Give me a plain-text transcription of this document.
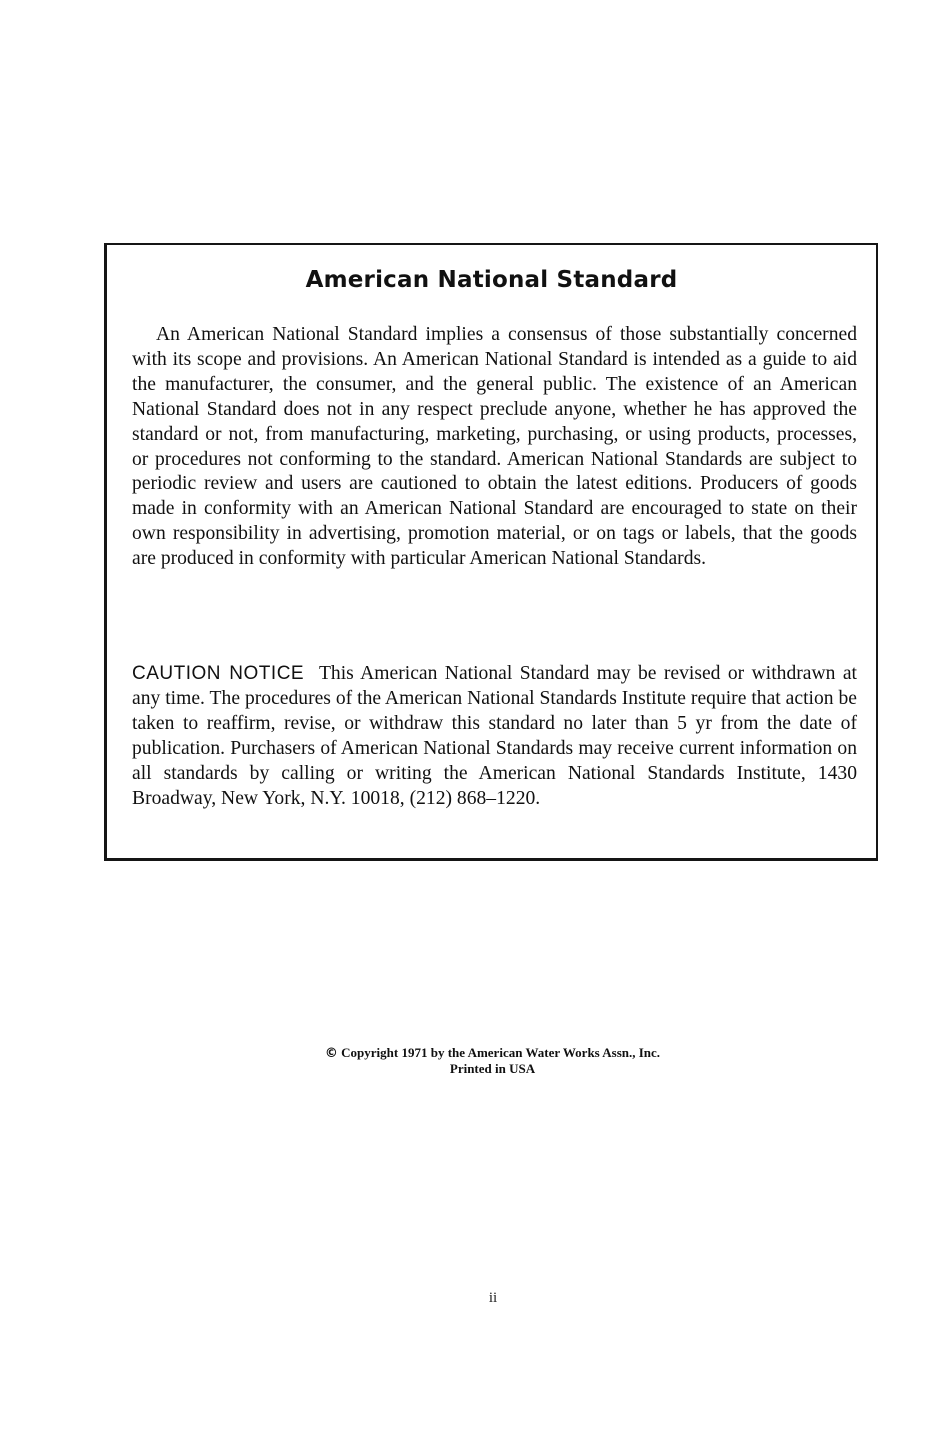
American National Standard
An American National Standard implies a consensus of those substantially concerned with its scope and provisions. An American National Standard is intended as a guide to aid the manufacturer, the consumer, and the general public. The existence of an American National Standard does not in any respect preclude anyone, whether he has approved the standard or not, from manufacturing, marketing, purchasing, or using products, processes, or procedures not conforming to the standard. American National Standards are subject to periodic review and users are cautioned to obtain the latest editions. Producers of goods made in conformity with an American National Standard are encouraged to state on their own responsibility in advertising, promotion material, or on tags or labels, that the goods are produced in conformity with particular American National Standards.
CAUTION NOTICE This American National Standard may be revised or withdrawn at any time. The procedures of the American National Standards Institute require that action be taken to reaffirm, revise, or withdraw this standard no later than 5 yr from the date of publication. Purchasers of American National Standards may receive current information on all standards by calling or writing the American National Standards Institute, 1430 Broadway, New York, N.Y. 10018, (212) 868–1220.
© Copyright 1971 by the American Water Works Assn., Inc.
Printed in USA
ii
